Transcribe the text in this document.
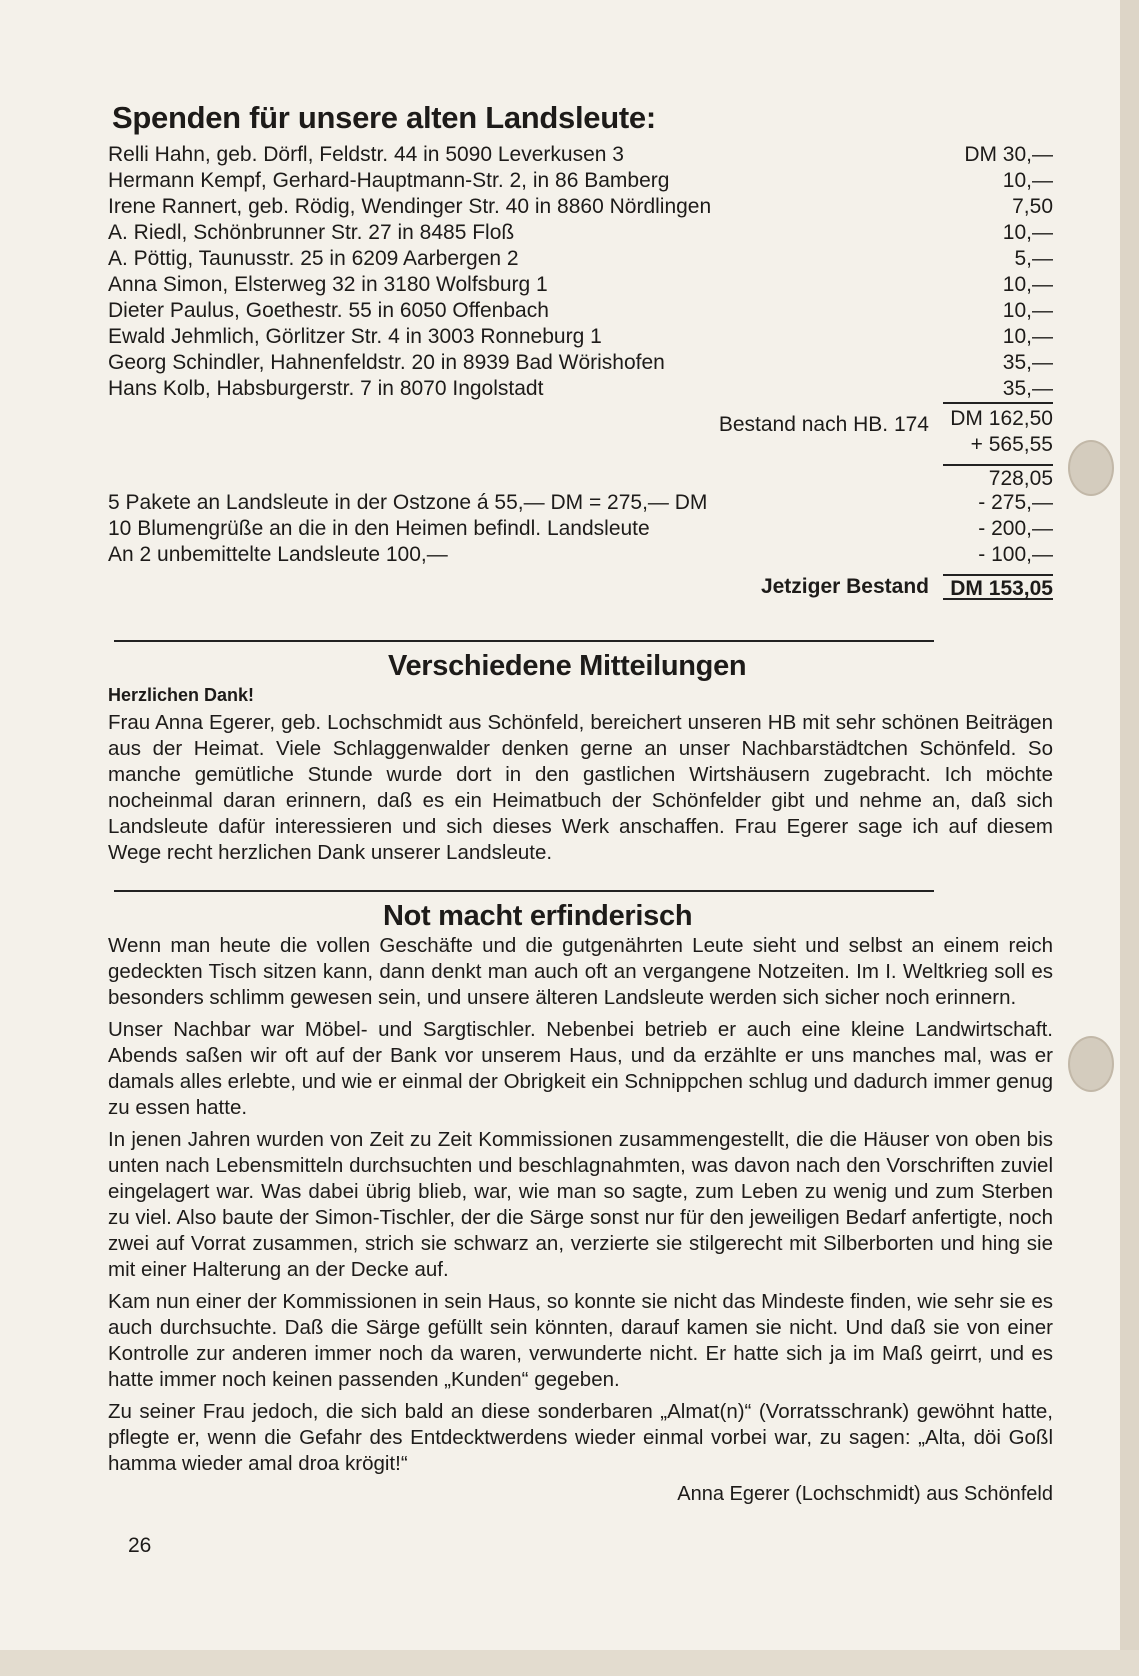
Spenden für unsere alten Landsleute:
Relli Hahn, geb. Dörfl, Feldstr. 44 in 5090 Leverkusen 3	DM 30,—
Hermann Kempf, Gerhard-Hauptmann-Str. 2, in 86 Bamberg	10,—
Irene Rannert, geb. Rödig, Wendinger Str. 40 in 8860 Nördlingen	7,50
A. Riedl, Schönbrunner Str. 27 in 8485 Floß	10,—
A. Pöttig, Taunusstr. 25 in 6209 Aarbergen 2	5,—
Anna Simon, Elsterweg 32 in 3180 Wolfsburg 1	10,—
Dieter Paulus, Goethestr. 55 in 6050 Offenbach	10,—
Ewald Jehmlich, Görlitzer Str. 4 in 3003 Ronneburg 1	10,—
Georg Schindler, Hahnenfeldstr. 20 in 8939 Bad Wörishofen	35,—
Hans Kolb, Habsburgerstr. 7 in 8070 Ingolstadt	35,—
Bestand nach HB. 174	DM 162,50
+ 565,55
728,05
5 Pakete an Landsleute in der Ostzone á 55,— DM = 275,— DM	- 275,—
10 Blumengrüße an die in den Heimen befindl. Landsleute	- 200,—
An 2 unbemittelte Landsleute 100,—	- 100,—
Jetziger Bestand	DM 153,05
Verschiedene Mitteilungen
Herzlichen Dank!

Frau Anna Egerer, geb. Lochschmidt aus Schönfeld, bereichert unseren HB mit sehr schönen Beiträgen aus der Heimat. Viele Schlaggenwalder denken gerne an unser Nachbarstädtchen Schönfeld. So manche gemütliche Stunde wurde dort in den gastlichen Wirtshäusern zugebracht. Ich möchte nocheinmal daran erinnern, daß es ein Heimatbuch der Schönfelder gibt und nehme an, daß sich Landsleute dafür interessieren und sich dieses Werk anschaffen. Frau Egerer sage ich auf diesem Wege recht herzlichen Dank unserer Landsleute.

Not macht erfinderisch

Wenn man heute die vollen Geschäfte und die gutgenährten Leute sieht und selbst an einem reich gedeckten Tisch sitzen kann, dann denkt man auch oft an vergangene Notzeiten. Im I. Weltkrieg soll es besonders schlimm gewesen sein, und unsere älteren Landsleute werden sich sicher noch erinnern.

Unser Nachbar war Möbel- und Sargtischler. Nebenbei betrieb er auch eine kleine Landwirtschaft. Abends saßen wir oft auf der Bank vor unserem Haus, und da erzählte er uns manches mal, was er damals alles erlebte, und wie er einmal der Obrigkeit ein Schnippchen schlug und dadurch immer genug zu essen hatte.

In jenen Jahren wurden von Zeit zu Zeit Kommissionen zusammengestellt, die die Häuser von oben bis unten nach Lebensmitteln durchsuchten und beschlagnahmten, was davon nach den Vorschriften zuviel eingelagert war. Was dabei übrig blieb, war, wie man so sagte, zum Leben zu wenig und zum Sterben zu viel. Also baute der Simon-Tischler, der die Särge sonst nur für den jeweiligen Bedarf anfertigte, noch zwei auf Vorrat zusammen, strich sie schwarz an, verzierte sie stilgerecht mit Silberborten und hing sie mit einer Halterung an der Decke auf.

Kam nun einer der Kommissionen in sein Haus, so konnte sie nicht das Mindeste finden, wie sehr sie es auch durchsuchte. Daß die Särge gefüllt sein könnten, darauf kamen sie nicht. Und daß sie von einer Kontrolle zur anderen immer noch da waren, verwunderte nicht. Er hatte sich ja im Maß geirrt, und es hatte immer noch keinen passenden „Kunden“ gegeben.

Zu seiner Frau jedoch, die sich bald an diese sonderbaren „Almat(n)“ (Vorratsschrank) gewöhnt hatte, pflegte er, wenn die Gefahr des Entdecktwerdens wieder einmal vorbei war, zu sagen: „Alta, döi Goßl hamma wieder amal droa krögit!“

Anna Egerer (Lochschmidt) aus Schönfeld
26
